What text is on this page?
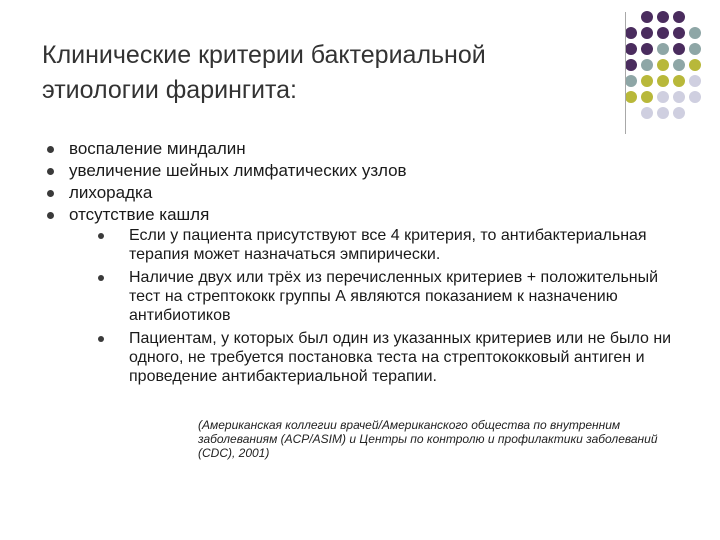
Клинические критерии бактериальной этиологии фарингита:
воспаление миндалин
увеличение шейных лимфатических узлов
лихорадка
отсутствие кашля
Если у пациента присутствуют все 4 критерия, то антибактериальная терапия может назначаться эмпирически.
Наличие двух или трёх из перечисленных критериев + положительный тест на стрептококк группы А являются показанием к назначению антибиотиков
Пациентам, у которых был один из указанных критериев или не было ни одного, не требуется постановка теста на стрептококковый антиген и проведение антибактериальной терапии.
(Американская коллегии врачей/Американского общества по внутренним заболеваниям (ACP/ASIM) и Центры по контролю и профилактики заболеваний (CDC), 2001)
